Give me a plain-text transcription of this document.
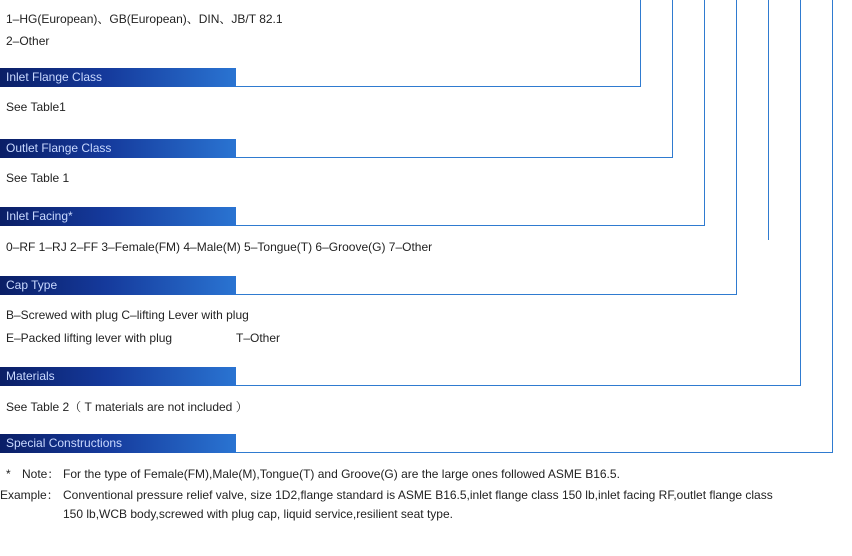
1–HG(European)、GB(European)、DIN、JB/T 82.1
2–Other
Inlet Flange Class
See Table1
Outlet Flange Class
See Table 1
Inlet Facing*
0–RF 1–RJ 2–FF 3–Female(FM) 4–Male(M) 5–Tongue(T) 6–Groove(G) 7–Other
Cap Type
B–Screwed with plug C–lifting Lever with plug
E–Packed lifting lever with plug	T–Other
Materials
See Table 2（ T materials are not included ）
Special Constructions
* Note： For the type of Female(FM),Male(M),Tongue(T) and Groove(G) are the large ones followed ASME B16.5.
Example： Conventional pressure relief valve, size 1D2,flange standard is ASME B16.5,inlet flange class 150 lb,inlet facing RF,outlet flange class
150 lb,WCB body,screwed with plug cap, liquid service,resilient seat type.
